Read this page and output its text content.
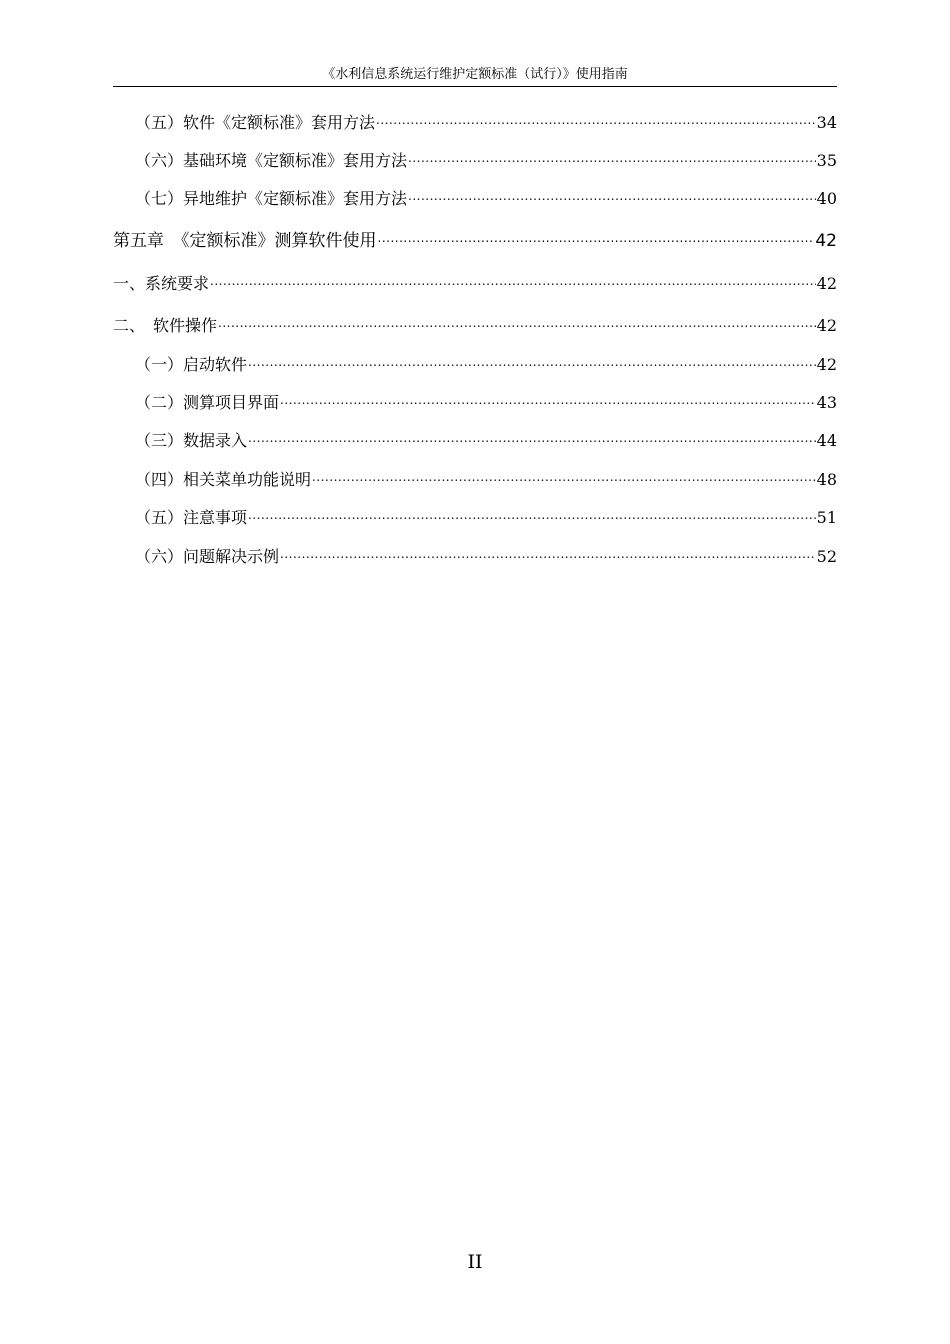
《水利信息系统运行维护定额标准（试行）》使用指南
（五）软件《定额标准》套用方法 .....	34
（六）基础环境《定额标准》套用方法 .....	35
（七）异地维护《定额标准》套用方法 .....	40
第五章　《定额标准》测算软件使用 .....	42
一、系统要求 .....	42
二、　软件操作 .....	42
（一）启动软件 .....	42
（二）测算项目界面 .....	43
（三）数据录入 .....	44
（四）相关菜单功能说明 .....	48
（五）注意事项 .....	51
（六）问题解决示例 .....	52
II
